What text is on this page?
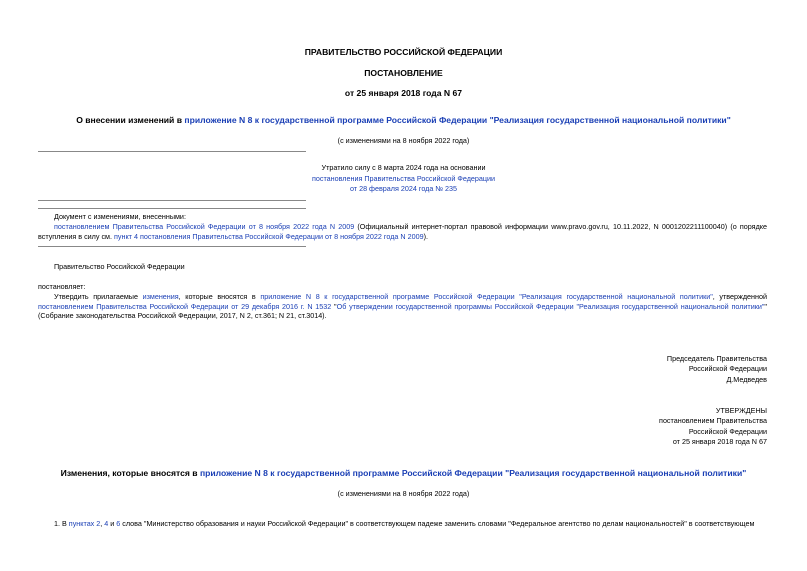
ПРАВИТЕЛЬСТВО РОССИЙСКОЙ ФЕДЕРАЦИИ
ПОСТАНОВЛЕНИЕ
от 25 января 2018 года N 67
О внесении изменений в приложение N 8 к государственной программе Российской Федерации "Реализация государственной национальной политики"
(с изменениями на 8 ноября 2022 года)
Утратило силу с 8 марта 2024 года на основании
постановления Правительства Российской Федерации
от 28 февраля 2024 года № 235
Документ с изменениями, внесенными:
постановлением Правительства Российской Федерации от 8 ноября 2022 года N 2009 (Официальный интернет-портал правовой информации www.pravo.gov.ru, 10.11.2022, N 0001202211100040) (о порядке вступления в силу см. пункт 4 постановления Правительства Российской Федерации от 8 ноября 2022 года N 2009).
Правительство Российской Федерации
постановляет:
Утвердить прилагаемые изменения, которые вносятся в приложение N 8 к государственной программе Российской Федерации "Реализация государственной национальной политики", утвержденной постановлением Правительства Российской Федерации от 29 декабря 2016 г. N 1532 "Об утверждении государственной программы Российской Федерации "Реализация государственной национальной политики"" (Собрание законодательства Российской Федерации, 2017, N 2, ст.361; N 21, ст.3014).
Председатель Правительства
Российской Федерации
Д.Медведев
УТВЕРЖДЕНЫ
постановлением Правительства
Российской Федерации
от 25 января 2018 года N 67
Изменения, которые вносятся в приложение N 8 к государственной программе Российской Федерации "Реализация государственной национальной политики"
(с изменениями на 8 ноября 2022 года)
1. В пунктах 2, 4 и 6 слова "Министерство образования и науки Российской Федерации" в соответствующем падеже заменить словами "Федеральное агентство по делам национальностей" в соответствующем
